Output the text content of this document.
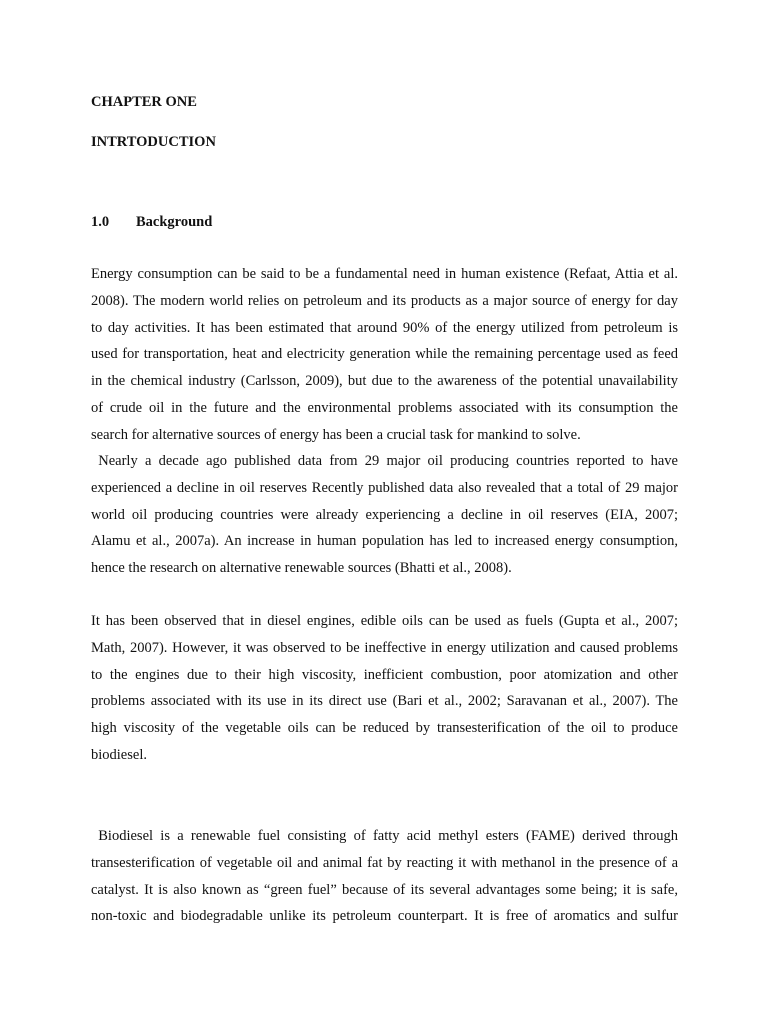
CHAPTER ONE
INTRTODUCTION
1.0 Background
Energy consumption can be said to be a fundamental need in human existence (Refaat, Attia et al.
2008). The modern world relies on petroleum and its products as a major source of energy for day
to day activities. It has been estimated that around 90% of the energy utilized from petroleum is
used for transportation, heat and electricity generation while the remaining percentage used as feed
in the chemical industry (Carlsson, 2009), but due to the awareness of the potential unavailability
of crude oil in the future and the environmental problems associated with its consumption the
search for alternative sources of energy has been a crucial task for mankind to solve.
Nearly a decade ago published data from 29 major oil producing countries reported to have
experienced a decline in oil reserves Recently published data also revealed that a total of 29 major
world oil producing countries were already experiencing a decline in oil reserves (EIA, 2007;
Alamu et al., 2007a). An increase in human population has led to increased energy consumption,
hence the research on alternative renewable sources (Bhatti et al., 2008).
It has been observed that in diesel engines, edible oils can be used as fuels (Gupta et al., 2007;
Math, 2007). However, it was observed to be ineffective in energy utilization and caused problems
to the engines due to their high viscosity, inefficient combustion, poor atomization and other
problems associated with its use in its direct use (Bari et al., 2002; Saravanan et al., 2007). The
high viscosity of the vegetable oils can be reduced by transesterification of the oil to produce
biodiesel.
Biodiesel is a renewable fuel consisting of fatty acid methyl esters (FAME) derived through
transesterification of vegetable oil and animal fat by reacting it with methanol in the presence of a
catalyst. It is also known as “green fuel” because of its several advantages some being; it is safe,
non-toxic and biodegradable unlike its petroleum counterpart. It is free of aromatics and sulfur
